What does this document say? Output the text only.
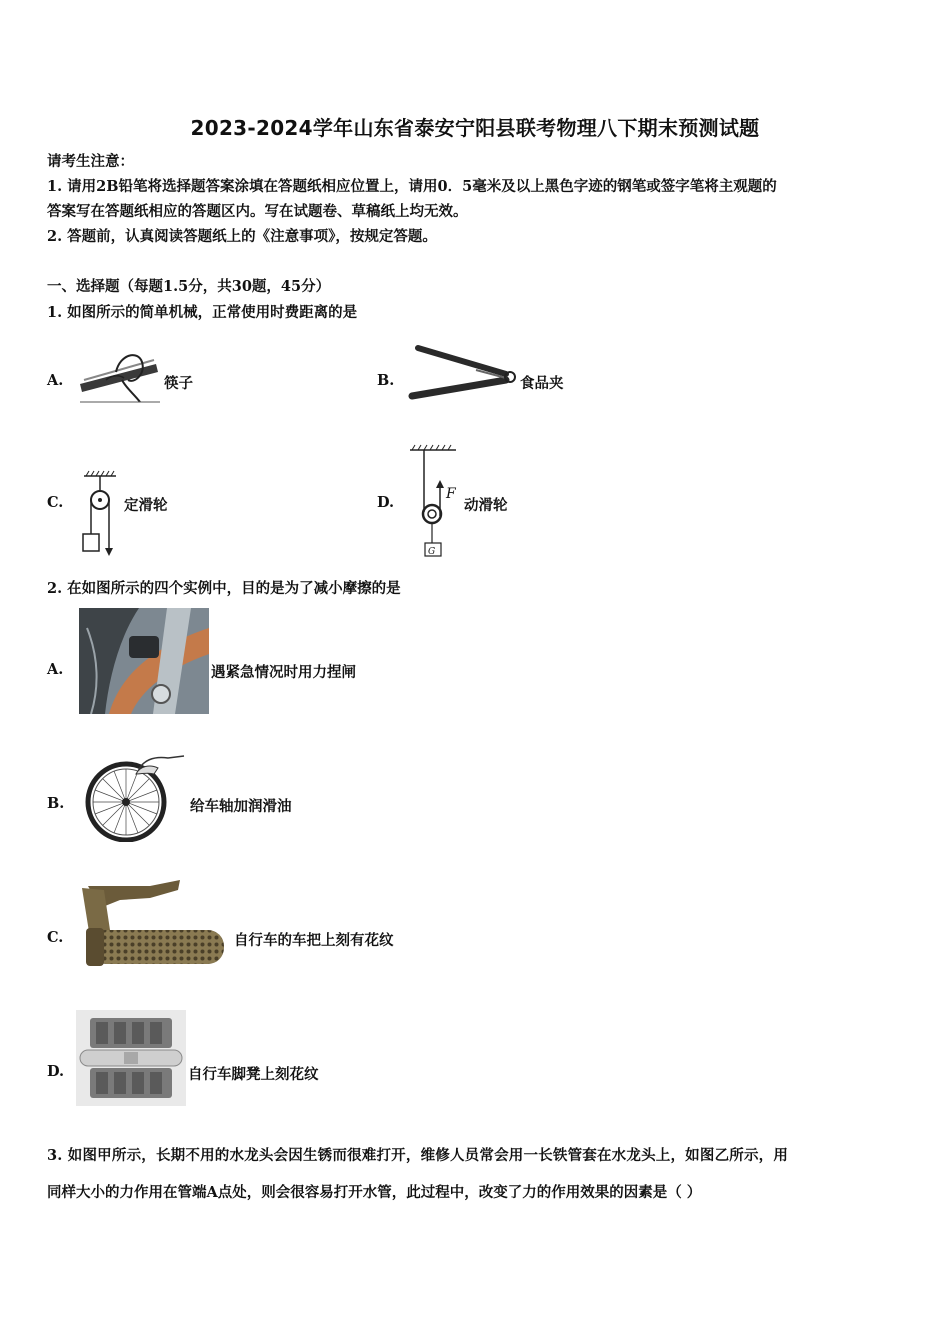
2023-2024学年山东省泰安宁阳县联考物理八下期末预测试题
请考生注意：
1. 请用2B铅笔将选择题答案涂填在答题纸相应位置上，请用0．5毫米及以上黑色字迹的钢笔或签字笔将主观题的
答案写在答题纸相应的答题区内。写在试题卷、草稿纸上均无效。
2. 答题前，认真阅读答题纸上的《注意事项》，按规定答题。
一、选择题（每题1.5分，共30题，45分）
1. 如图所示的简单机械，正常使用时费距离的是
A.	筷子	B.	食品夹
C.	定滑轮	D.	F
G
动滑轮
2. 在如图所示的四个实例中，目的是为了减小摩擦的是
A.	遇紧急情况时用力捏闸
B.	给车轴加润滑油
C.	自行车的车把上刻有花纹
D.	自行车脚凳上刻花纹
3. 如图甲所示，长期不用的水龙头会因生锈而很难打开，维修人员常会用一长铁管套在水龙头上，如图乙所示，用
同样大小的力作用在管端A点处，则会很容易打开水管，此过程中，改变了力的作用效果的因素是（ ）
